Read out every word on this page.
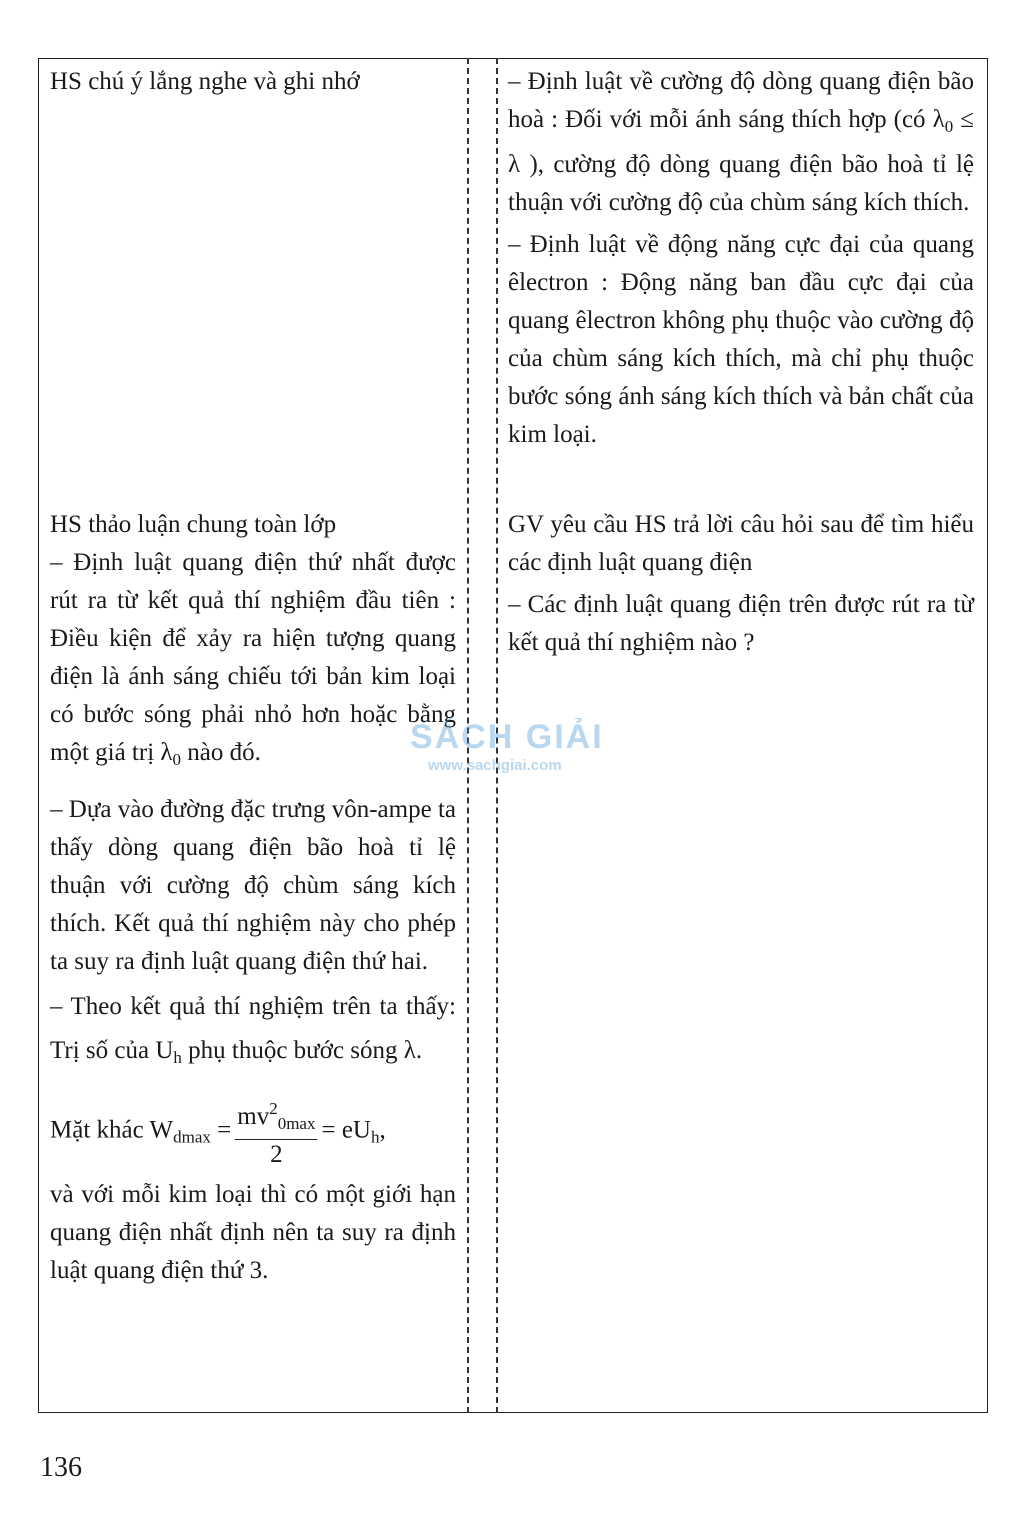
HS chú ý lắng nghe và ghi nhớ

HS thảo luận chung toàn lớp

– Định luật quang điện thứ nhất được rút ra từ kết quả thí nghiệm đầu tiên : Điều kiện để xảy ra hiện tượng quang điện là ánh sáng chiếu tới bản kim loại có bước sóng phải nhỏ hơn hoặc bằng một giá trị $\lambda_0$ nào đó.

– Dựa vào đường đặc trưng vôn-ampe ta thấy dòng quang điện bão hoà tỉ lệ thuận với cường độ chùm sáng kích thích. Kết quả thí nghiệm này cho phép ta suy ra định luật quang điện thứ hai.

– Theo kết quả thí nghiệm trên ta thấy: Trị số của $U_h$ phụ thuộc bước sóng λ.

Mặt khác $W_{dmax} = \frac{mv^2_{0max}}{2} = eU_h$,

và với mỗi kim loại thì có một giới hạn quang điện nhất định nên ta suy ra định luật quang điện thứ 3.

– Định luật về cường độ dòng quang điện bão hoà : Đối với mỗi ánh sáng thích hợp (có $\lambda_0 \le \lambda$ ), cường độ dòng quang điện bão hoà tỉ lệ thuận với cường độ của chùm sáng kích thích.

– Định luật về động năng cực đại của quang êlectron : Động năng ban đầu cực đại của quang êlectron không phụ thuộc vào cường độ của chùm sáng kích thích, mà chỉ phụ thuộc bước sóng ánh sáng kích thích và bản chất của kim loại.

GV yêu cầu HS trả lời câu hỏi sau để tìm hiểu các định luật quang điện

– Các định luật quang điện trên được rút ra từ kết quả thí nghiệm nào ?

SÁCH GIẢI
www.sachgiai.com
136
